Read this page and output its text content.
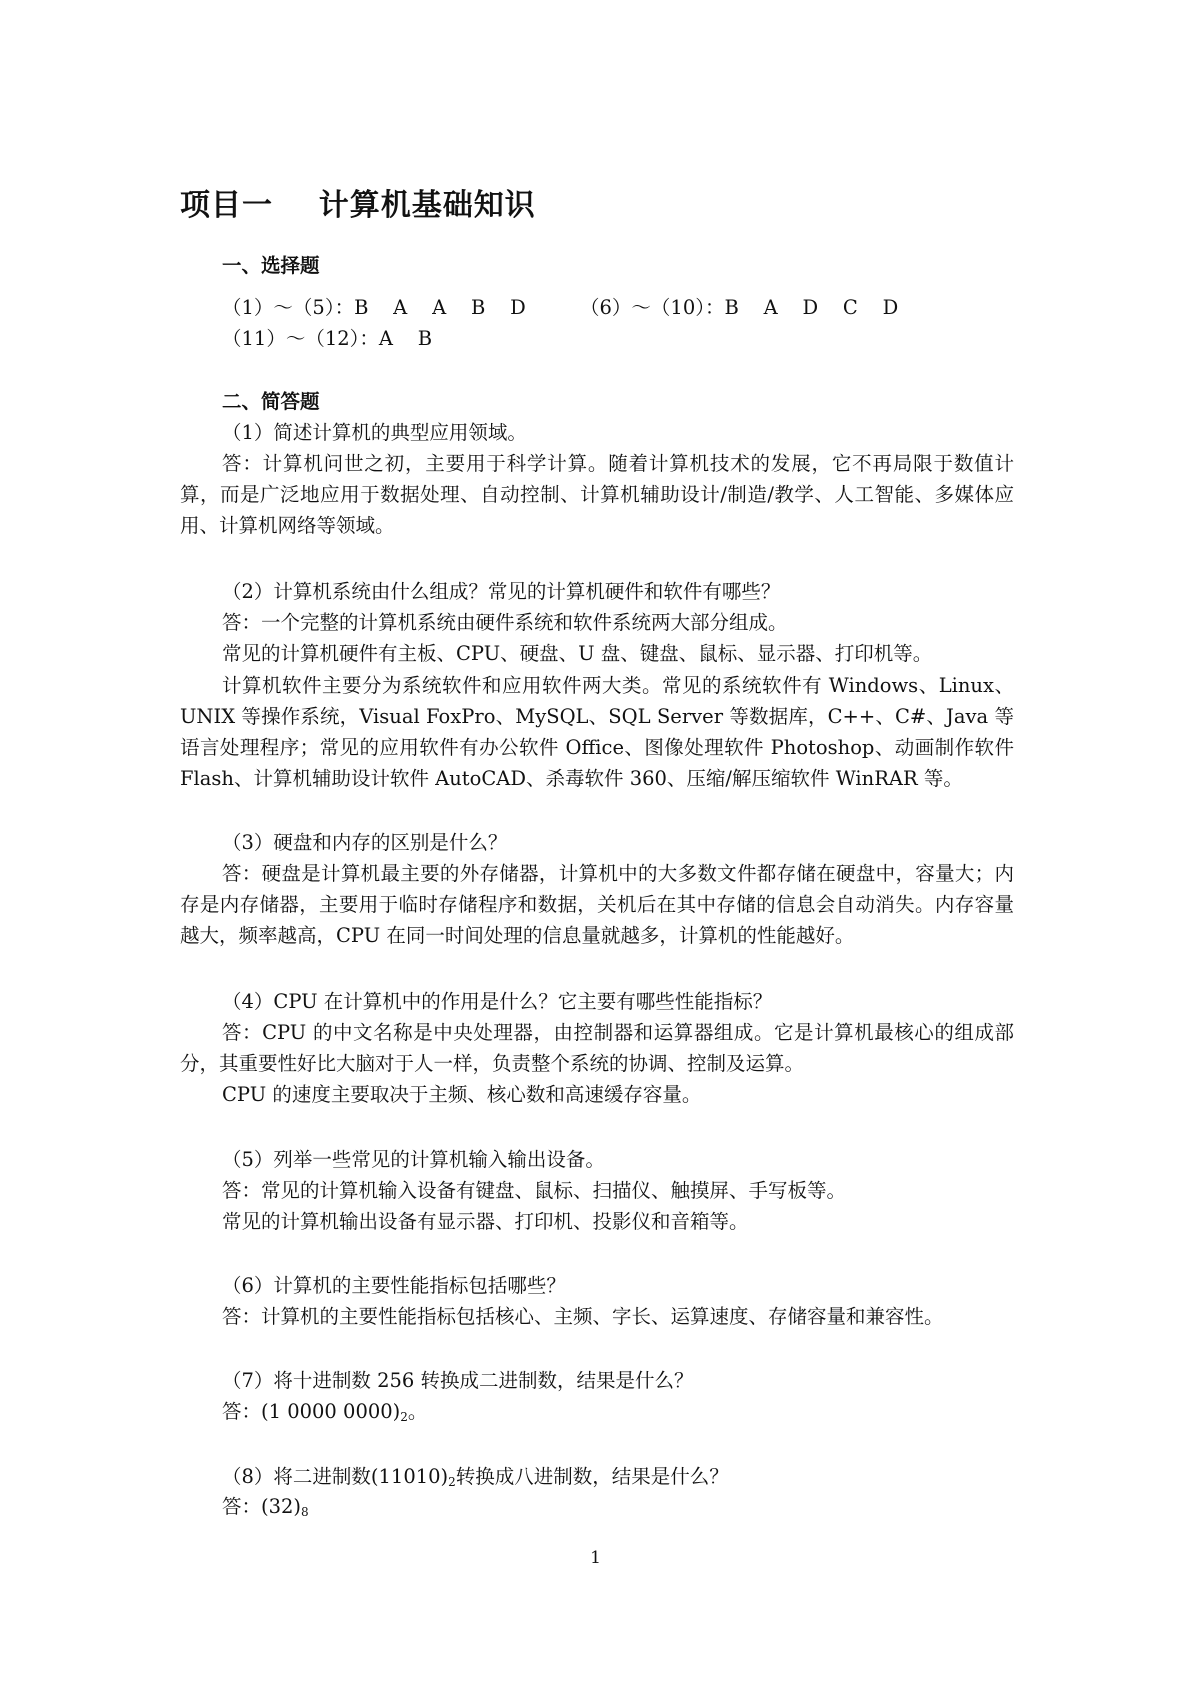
项目一    计算机基础知识
一、选择题
（1）～（5）：B    A    A    B    D	（6）～（10）：B    A    D    C    D
（11）～（12）：A    B
二、简答题
（1）简述计算机的典型应用领域。
答：计算机问世之初，主要用于科学计算。随着计算机技术的发展，它不再局限于数值计算，而是广泛地应用于数据处理、自动控制、计算机辅助设计/制造/教学、人工智能、多媒体应用、计算机网络等领域。
（2）计算机系统由什么组成？常见的计算机硬件和软件有哪些？
答：一个完整的计算机系统由硬件系统和软件系统两大部分组成。
常见的计算机硬件有主板、CPU、硬盘、U 盘、键盘、鼠标、显示器、打印机等。
计算机软件主要分为系统软件和应用软件两大类。常见的系统软件有 Windows、Linux、UNIX 等操作系统，Visual FoxPro、MySQL、SQL Server 等数据库，C++、C#、Java 等语言处理程序；常见的应用软件有办公软件 Office、图像处理软件 Photoshop、动画制作软件 Flash、计算机辅助设计软件 AutoCAD、杀毒软件 360、压缩/解压缩软件 WinRAR 等。
（3）硬盘和内存的区别是什么？
答：硬盘是计算机最主要的外存储器，计算机中的大多数文件都存储在硬盘中，容量大；内存是内存储器，主要用于临时存储程序和数据，关机后在其中存储的信息会自动消失。内存容量越大，频率越高，CPU 在同一时间处理的信息量就越多，计算机的性能越好。
（4）CPU 在计算机中的作用是什么？它主要有哪些性能指标？
答：CPU 的中文名称是中央处理器，由控制器和运算器组成。它是计算机最核心的组成部分，其重要性好比大脑对于人一样，负责整个系统的协调、控制及运算。
CPU 的速度主要取决于主频、核心数和高速缓存容量。
（5）列举一些常见的计算机输入输出设备。
答：常见的计算机输入设备有键盘、鼠标、扫描仪、触摸屏、手写板等。
常见的计算机输出设备有显示器、打印机、投影仪和音箱等。
（6）计算机的主要性能指标包括哪些？
答：计算机的主要性能指标包括核心、主频、字长、运算速度、存储容量和兼容性。
（7）将十进制数 256 转换成二进制数，结果是什么？
答：(1 0000 $0000)_2$。
（8）将二进制数$(11010)_2$转换成八进制数，结果是什么？
答：$(32)_8$
1
